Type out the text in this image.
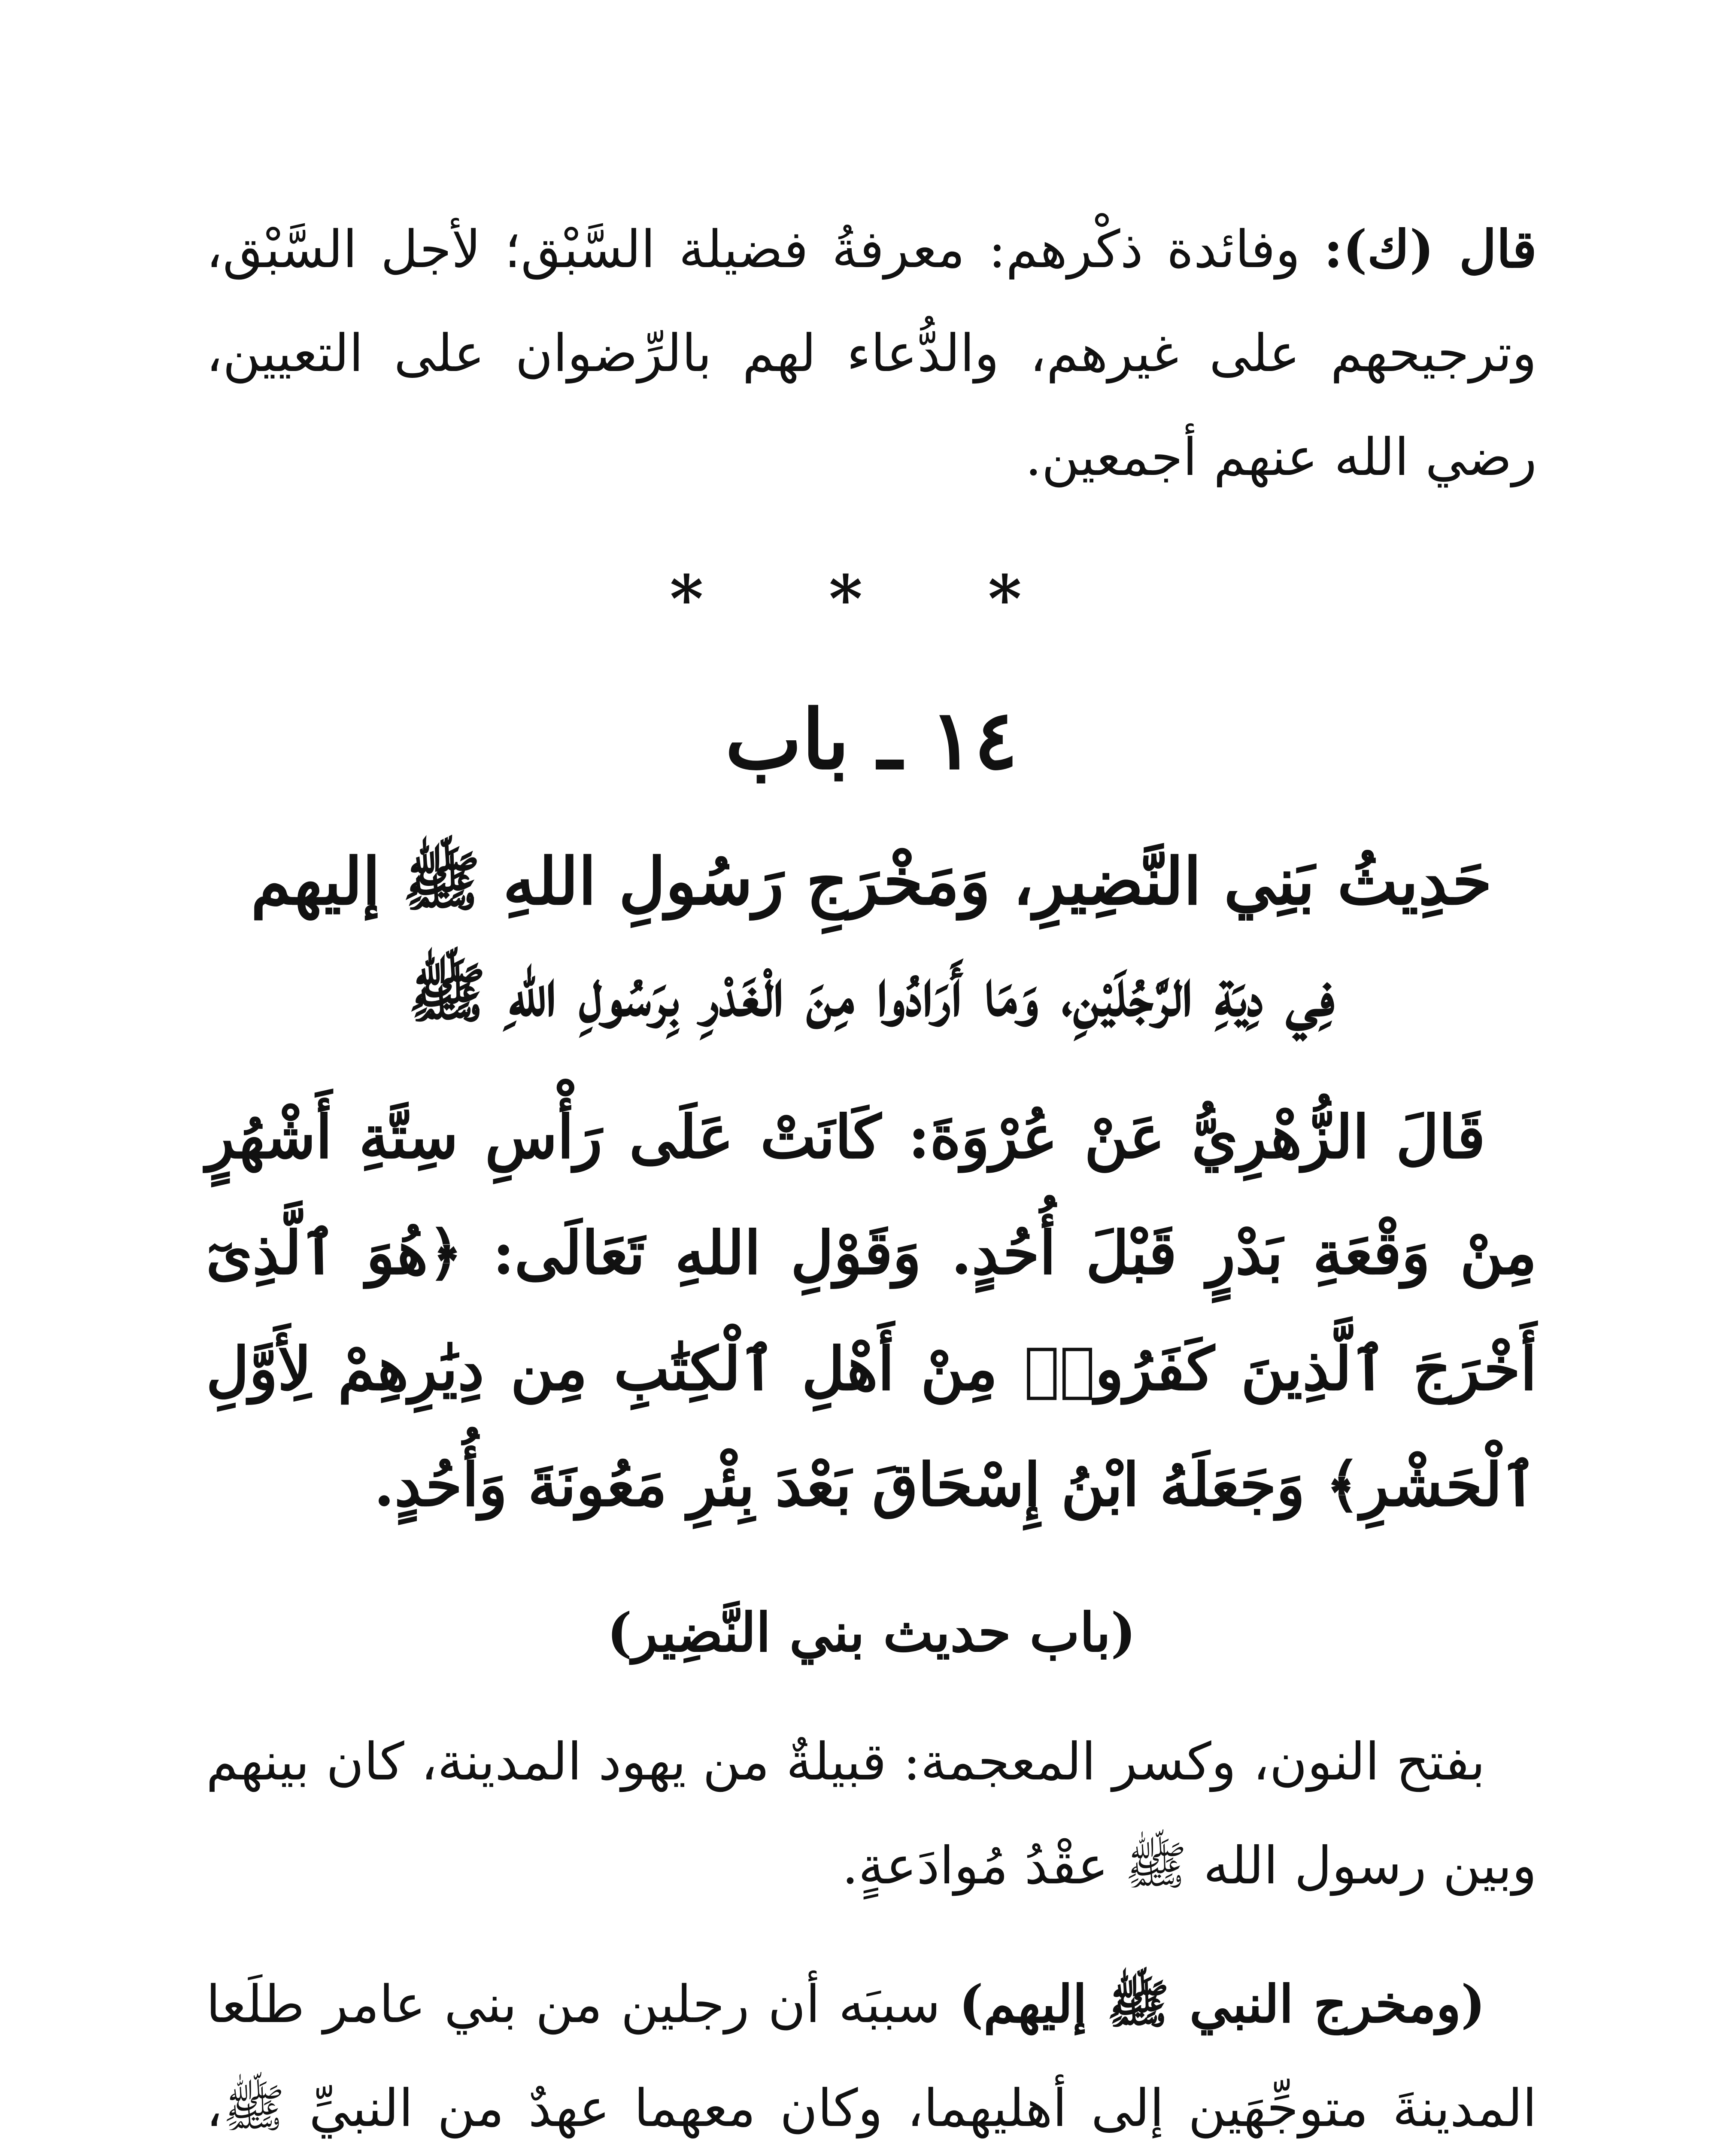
قال (ك): وفائدة ذكْرهم: معرفةُ فضيلة السَّبْق؛ لأجل السَّبْق، وترجيحهم على غيرهم، والدُّعاء لهم بالرِّضوان على التعيين، رضي الله عنهم أجمعين.

* * *
١٤ ـ باب
حَدِيثُ بَنِي النَّضِيرِ، وَمَخْرَجِ رَسُولِ اللهِ ﷺ إليهم
فِي دِيَةِ الرَّجُلَيْنِ، وَمَا أَرَادُوا مِنَ الْغَدْرِ بِرَسُولِ اللهِ ﷺ

قَالَ الزُّهْرِيُّ عَنْ عُرْوَةَ: كَانَتْ عَلَى رَأْسِ سِتَّةِ أَشْهُرٍ مِنْ وَقْعَةِ بَدْرٍ قَبْلَ أُحُدٍ. وَقَوْلِ اللهِ تَعَالَى: ﴿هُوَ ٱلَّذِىٓ أَخْرَجَ ٱلَّذِينَ كَفَرُوا۟ مِنْ أَهْلِ ٱلْكِتَٰبِ مِن دِيَٰرِهِمْ لِأَوَّلِ ٱلْحَشْرِ﴾ وَجَعَلَهُ ابْنُ إِسْحَاقَ بَعْدَ بِئْرِ مَعُونَةَ وَأُحُدٍ.

(باب حديث بني النَّضِير)

بفتح النون، وكسر المعجمة: قبيلةٌ من يهود المدينة، كان بينهم وبين رسول الله ﷺ عقْدُ مُوادَعةٍ.

(ومخرج النبي ﷺ إليهم) سببَه أن رجلين من بني عامر طلَعا المدينةَ متوجِّهَين إلى أهليهما، وكان معهما عهدٌ من النبيِّ ﷺ،
